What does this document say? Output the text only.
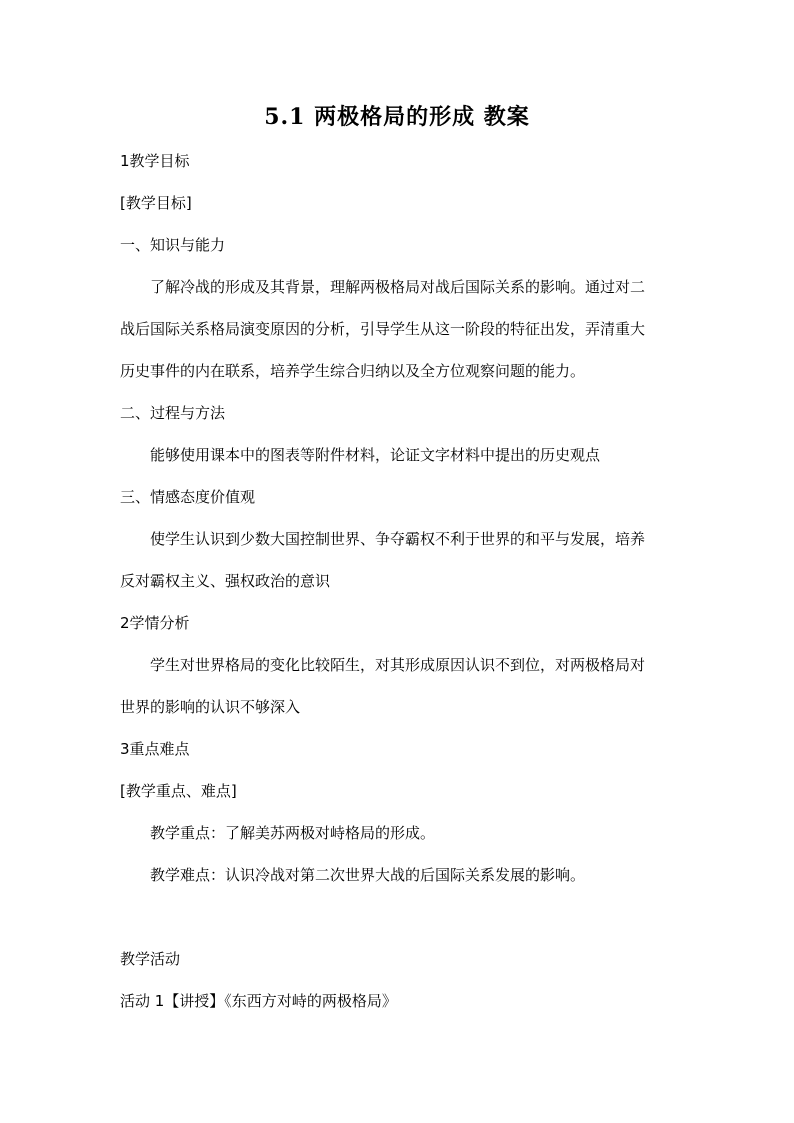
5.1 两极格局的形成 教案
1教学目标
[教学目标]
一、知识与能力
了解冷战的形成及其背景，理解两极格局对战后国际关系的影响。通过对二
战后国际关系格局演变原因的分析，引导学生从这一阶段的特征出发，弄清重大
历史事件的内在联系，培养学生综合归纳以及全方位观察问题的能力。
二、过程与方法
能够使用课本中的图表等附件材料，论证文字材料中提出的历史观点
三、情感态度价值观
使学生认识到少数大国控制世界、争夺霸权不利于世界的和平与发展，培养
反对霸权主义、强权政治的意识
2学情分析
学生对世界格局的变化比较陌生，对其形成原因认识不到位，对两极格局对
世界的影响的认识不够深入
3重点难点
[教学重点、难点]
教学重点：了解美苏两极对峙格局的形成。
教学难点：认识冷战对第二次世界大战的后国际关系发展的影响。
教学活动
活动 1【讲授】《东西方对峙的两极格局》
